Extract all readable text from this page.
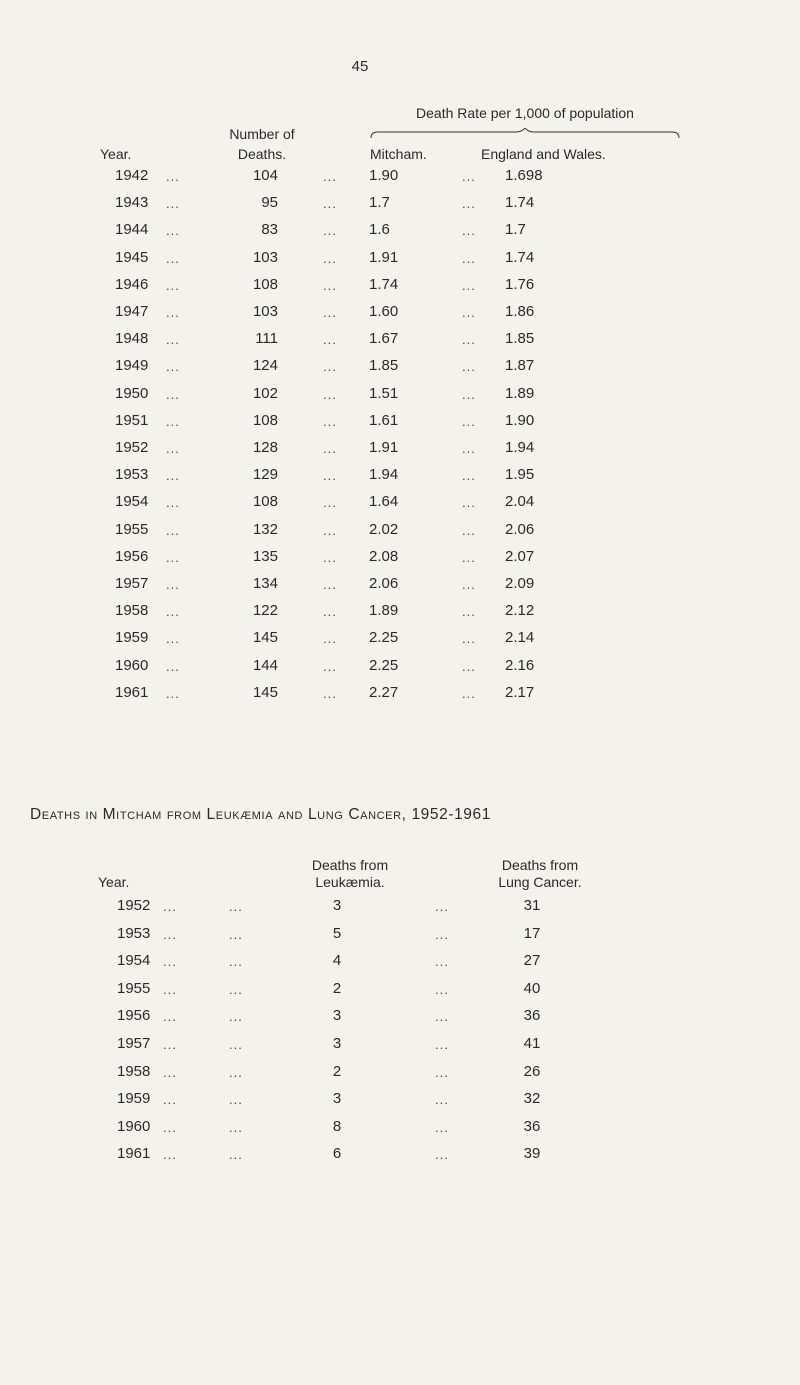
45
Year.
Number of
Deaths.
Death Rate per 1,000 of population
Mitcham.	England and Wales.
1942 ...	104	... 1.90	... 1.698
1943 ...	95	... 1.7	... 1.74
1944 ...	83	... 1.6	... 1.7
1945 ...	103	... 1.91	... 1.74
1946 ...	108	... 1.74	... 1.76
1947 ...	103	... 1.60	... 1.86
1948 ...	111	... 1.67	... 1.85
1949 ...	124	... 1.85	... 1.87
1950 ...	102	... 1.51	... 1.89
1951 ...	108	... 1.61	... 1.90
1952 ...	128	... 1.91	... 1.94
1953 ...	129	... 1.94	... 1.95
1954 ...	108	... 1.64	... 2.04
1955 ...	132	... 2.02	... 2.06
1956 ...	135	... 2.08	... 2.07
1957 ...	134	... 2.06	... 2.09
1958 ...	122	... 1.89	... 2.12
1959 ...	145	... 2.25	... 2.14
1960 ...	144	... 2.25	... 2.16
1961 ...	145	... 2.27	... 2.17
Deaths in Mitcham from Leukæmia and Lung Cancer, 1952-1961
Year.
Deaths from
Leukæmia.
Deaths from
Lung Cancer.
1952 ...	...	3	...	31
1953 ...	...	5	...	17
1954 ...	...	4	...	27
1955 ...	...	2	...	40
1956 ...	...	3	...	36
1957 ...	...	3	...	41
1958 ...	...	2	...	26
1959 ...	...	3	...	32
1960 ...	...	8	...	36
1961 ...	...	6	...	39
